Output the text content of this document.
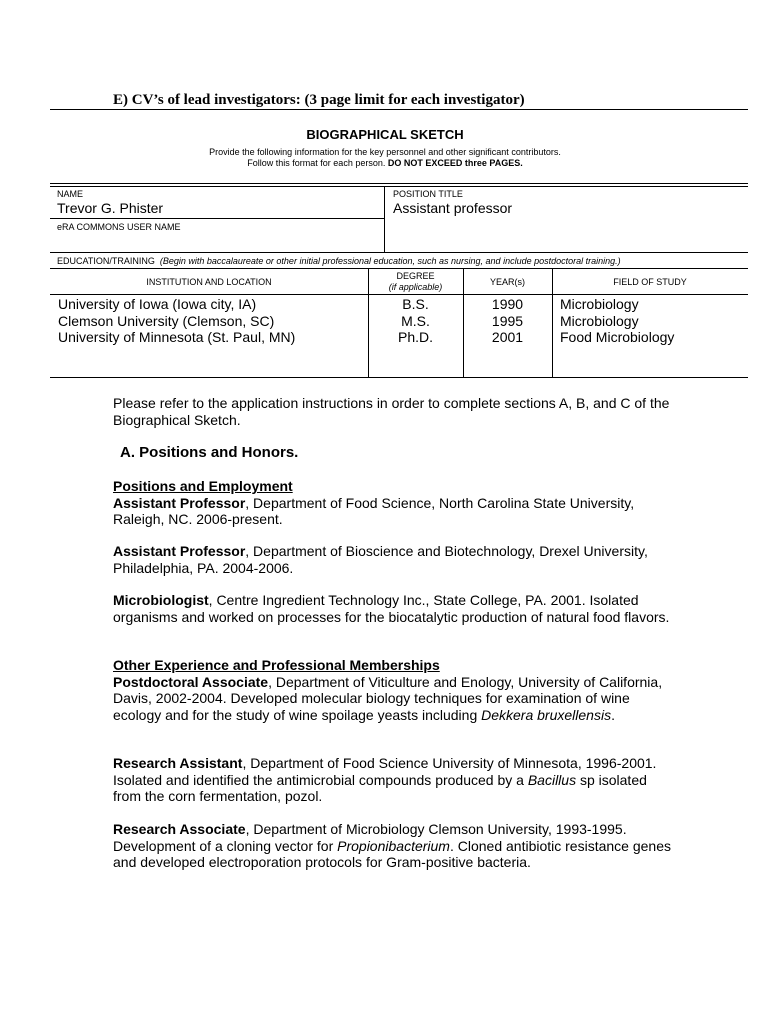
E) CV’s of lead investigators: (3 page limit for each investigator)
BIOGRAPHICAL SKETCH
Provide the following information for the key personnel and other significant contributors.
Follow this format for each person. DO NOT EXCEED three PAGES.
NAME
Trevor G. Phister
POSITION TITLE
Assistant professor
eRA COMMONS USER NAME
EDUCATION/TRAINING (Begin with baccalaureate or other initial professional education, such as nursing, and include postdoctoral training.)
INSTITUTION AND LOCATION
DEGREE
(if applicable)	YEAR(s)	FIELD OF STUDY
University of Iowa (Iowa city, IA)
Clemson University (Clemson, SC)
University of Minnesota (St. Paul, MN)
B.S.
M.S.
Ph.D.
1990
1995
2001
Microbiology
Microbiology
Food Microbiology
Please refer to the application instructions in order to complete sections A, B, and C of the Biographical Sketch.
A. Positions and Honors.
Positions and Employment
Assistant Professor, Department of Food Science, North Carolina State University, Raleigh, NC. 2006-present.
Assistant Professor, Department of Bioscience and Biotechnology, Drexel University, Philadelphia, PA. 2004-2006.
Microbiologist, Centre Ingredient Technology Inc., State College, PA. 2001. Isolated organisms and worked on processes for the biocatalytic production of natural food flavors.
Other Experience and Professional Memberships
Postdoctoral Associate, Department of Viticulture and Enology, University of California, Davis, 2002-2004. Developed molecular biology techniques for examination of wine ecology and for the study of wine spoilage yeasts including Dekkera bruxellensis.
Research Assistant, Department of Food Science University of Minnesota, 1996-2001. Isolated and identified the antimicrobial compounds produced by a Bacillus sp isolated from the corn fermentation, pozol.
Research Associate, Department of Microbiology Clemson University, 1993-1995. Development of a cloning vector for Propionibacterium. Cloned antibiotic resistance genes and developed electroporation protocols for Gram-positive bacteria.
